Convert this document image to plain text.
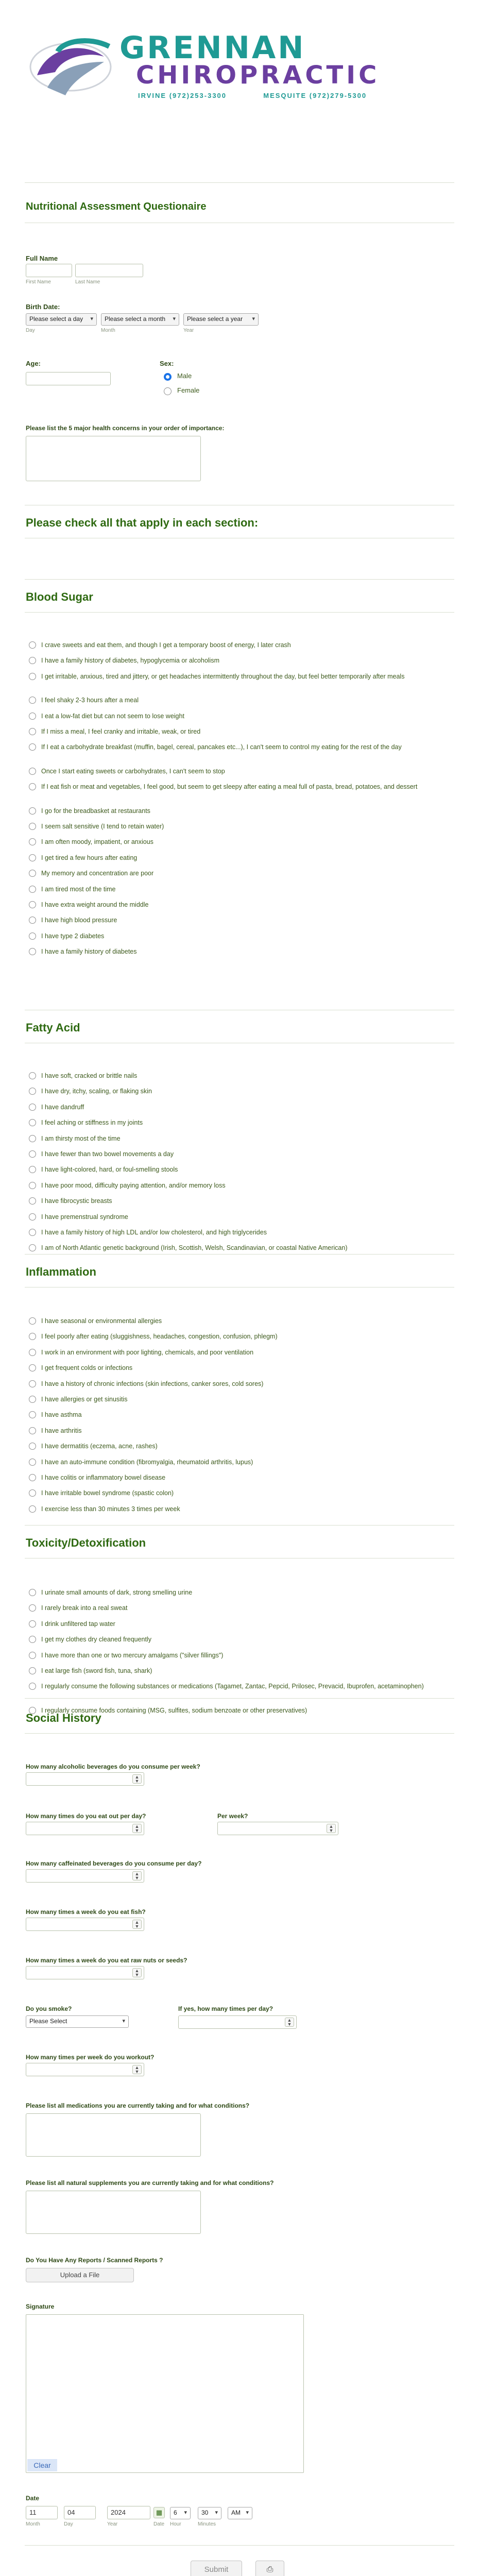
GRENNAN
CHIROPRACTIC
IRVINE (972)253-3300	MESQUITE (972)279-5300
Nutritional Assessment Questionaire
Full Name
First Name	Last Name
Birth Date:
Please select a day ▾	Please select a month ▾	Please select a year ▾
Day	Month	Year
Age:	Sex:
Male
Female
Please list the 5 major health concerns in your order of importance:
Please check all that apply in each section:
Blood Sugar
I crave sweets and eat them, and though I get a temporary boost of energy, I later crash
I have a family history of diabetes, hypoglycemia or alcoholism
I get irritable, anxious, tired and jittery, or get headaches intermittently throughout the day, but feel better temporarily after meals
I feel shaky 2-3 hours after a meal
I eat a low-fat diet but can not seem to lose weight
If I miss a meal, I feel cranky and irritable, weak, or tired
If I eat a carbohydrate breakfast (muffin, bagel, cereal, pancakes etc...), I can't seem to control my eating for the rest of the day
Once I start eating sweets or carbohydrates, I can't seem to stop
If I eat fish or meat and vegetables, I feel good, but seem to get sleepy after eating a meal full of pasta, bread, potatoes, and dessert
I go for the breadbasket at restaurants
I seem salt sensitive (I tend to retain water)
I am often moody, impatient, or anxious
I get tired a few hours after eating
My memory and concentration are poor
I am tired most of the time
I have extra weight around the middle
I have high blood pressure
I have type 2 diabetes
I have a family history of diabetes
Fatty Acid
I have soft, cracked or brittle nails
I have dry, itchy, scaling, or flaking skin
I have dandruff
I feel aching or stiffness in my joints
I am thirsty most of the time
I have fewer than two bowel movements a day
I have light-colored, hard, or foul-smelling stools
I have poor mood, difficulty paying attention, and/or memory loss
I have fibrocystic breasts
I have premenstrual syndrome
I have a family history of high LDL and/or low cholesterol, and high triglycerides
I am of North Atlantic genetic background (Irish, Scottish, Welsh, Scandinavian, or coastal Native American)
Inflammation
I have seasonal or environmental allergies
I feel poorly after eating (sluggishness, headaches, congestion, confusion, phlegm)
I work in an environment with poor lighting, chemicals, and poor ventilation
I get frequent colds or infections
I have a history of chronic infections (skin infections, canker sores, cold sores)
I have allergies or get sinusitis
I have asthma
I have arthritis
I have dermatitis (eczema, acne, rashes)
I have an auto-immune condition (fibromyalgia, rheumatoid arthritis, lupus)
I have colitis or inflammatory bowel disease
I have irritable bowel syndrome (spastic colon)
I exercise less than 30 minutes 3 times per week
Toxicity/Detoxification
I urinate small amounts of dark, strong smelling urine
I rarely break into a real sweat
I drink unfiltered tap water
I get my clothes dry cleaned frequently
I have more than one or two mercury amalgams ("silver fillings")
I eat large fish (sword fish, tuna, shark)
I regularly consume the following substances or medications (Tagamet, Zantac, Pepcid, Prilosec, Prevacid, Ibuprofen, acetaminophen)
I regularly consume foods containing (MSG, sulfites, sodium benzoate or other preservatives)
Social History
How many alcoholic beverages do you consume per week?
▲
▼
How many times do you eat out per day?
▲
▼
Per week?
▲
▼
How many caffeinated beverages do you consume per day?
▲
▼
How many times a week do you eat fish?
▲
▼
How many times a week do you eat raw nuts or seeds?
▲
▼
Do you smoke?
Please Select	▾
If yes, how many times per day?
▲
▼
How many times per week do you workout?
▲
▼
Please list all medications you are currently taking and for what conditions?
Please list all natural supplements you are currently taking and for what conditions?
Do You Have Any Reports / Scanned Reports ?
Upload a File
Signature
Clear
Date
11	04	2024	▦	6 ▾	30 ▾	AM ▾
Month	Day	Year	Date Hour	Minutes
Submit	⎙
